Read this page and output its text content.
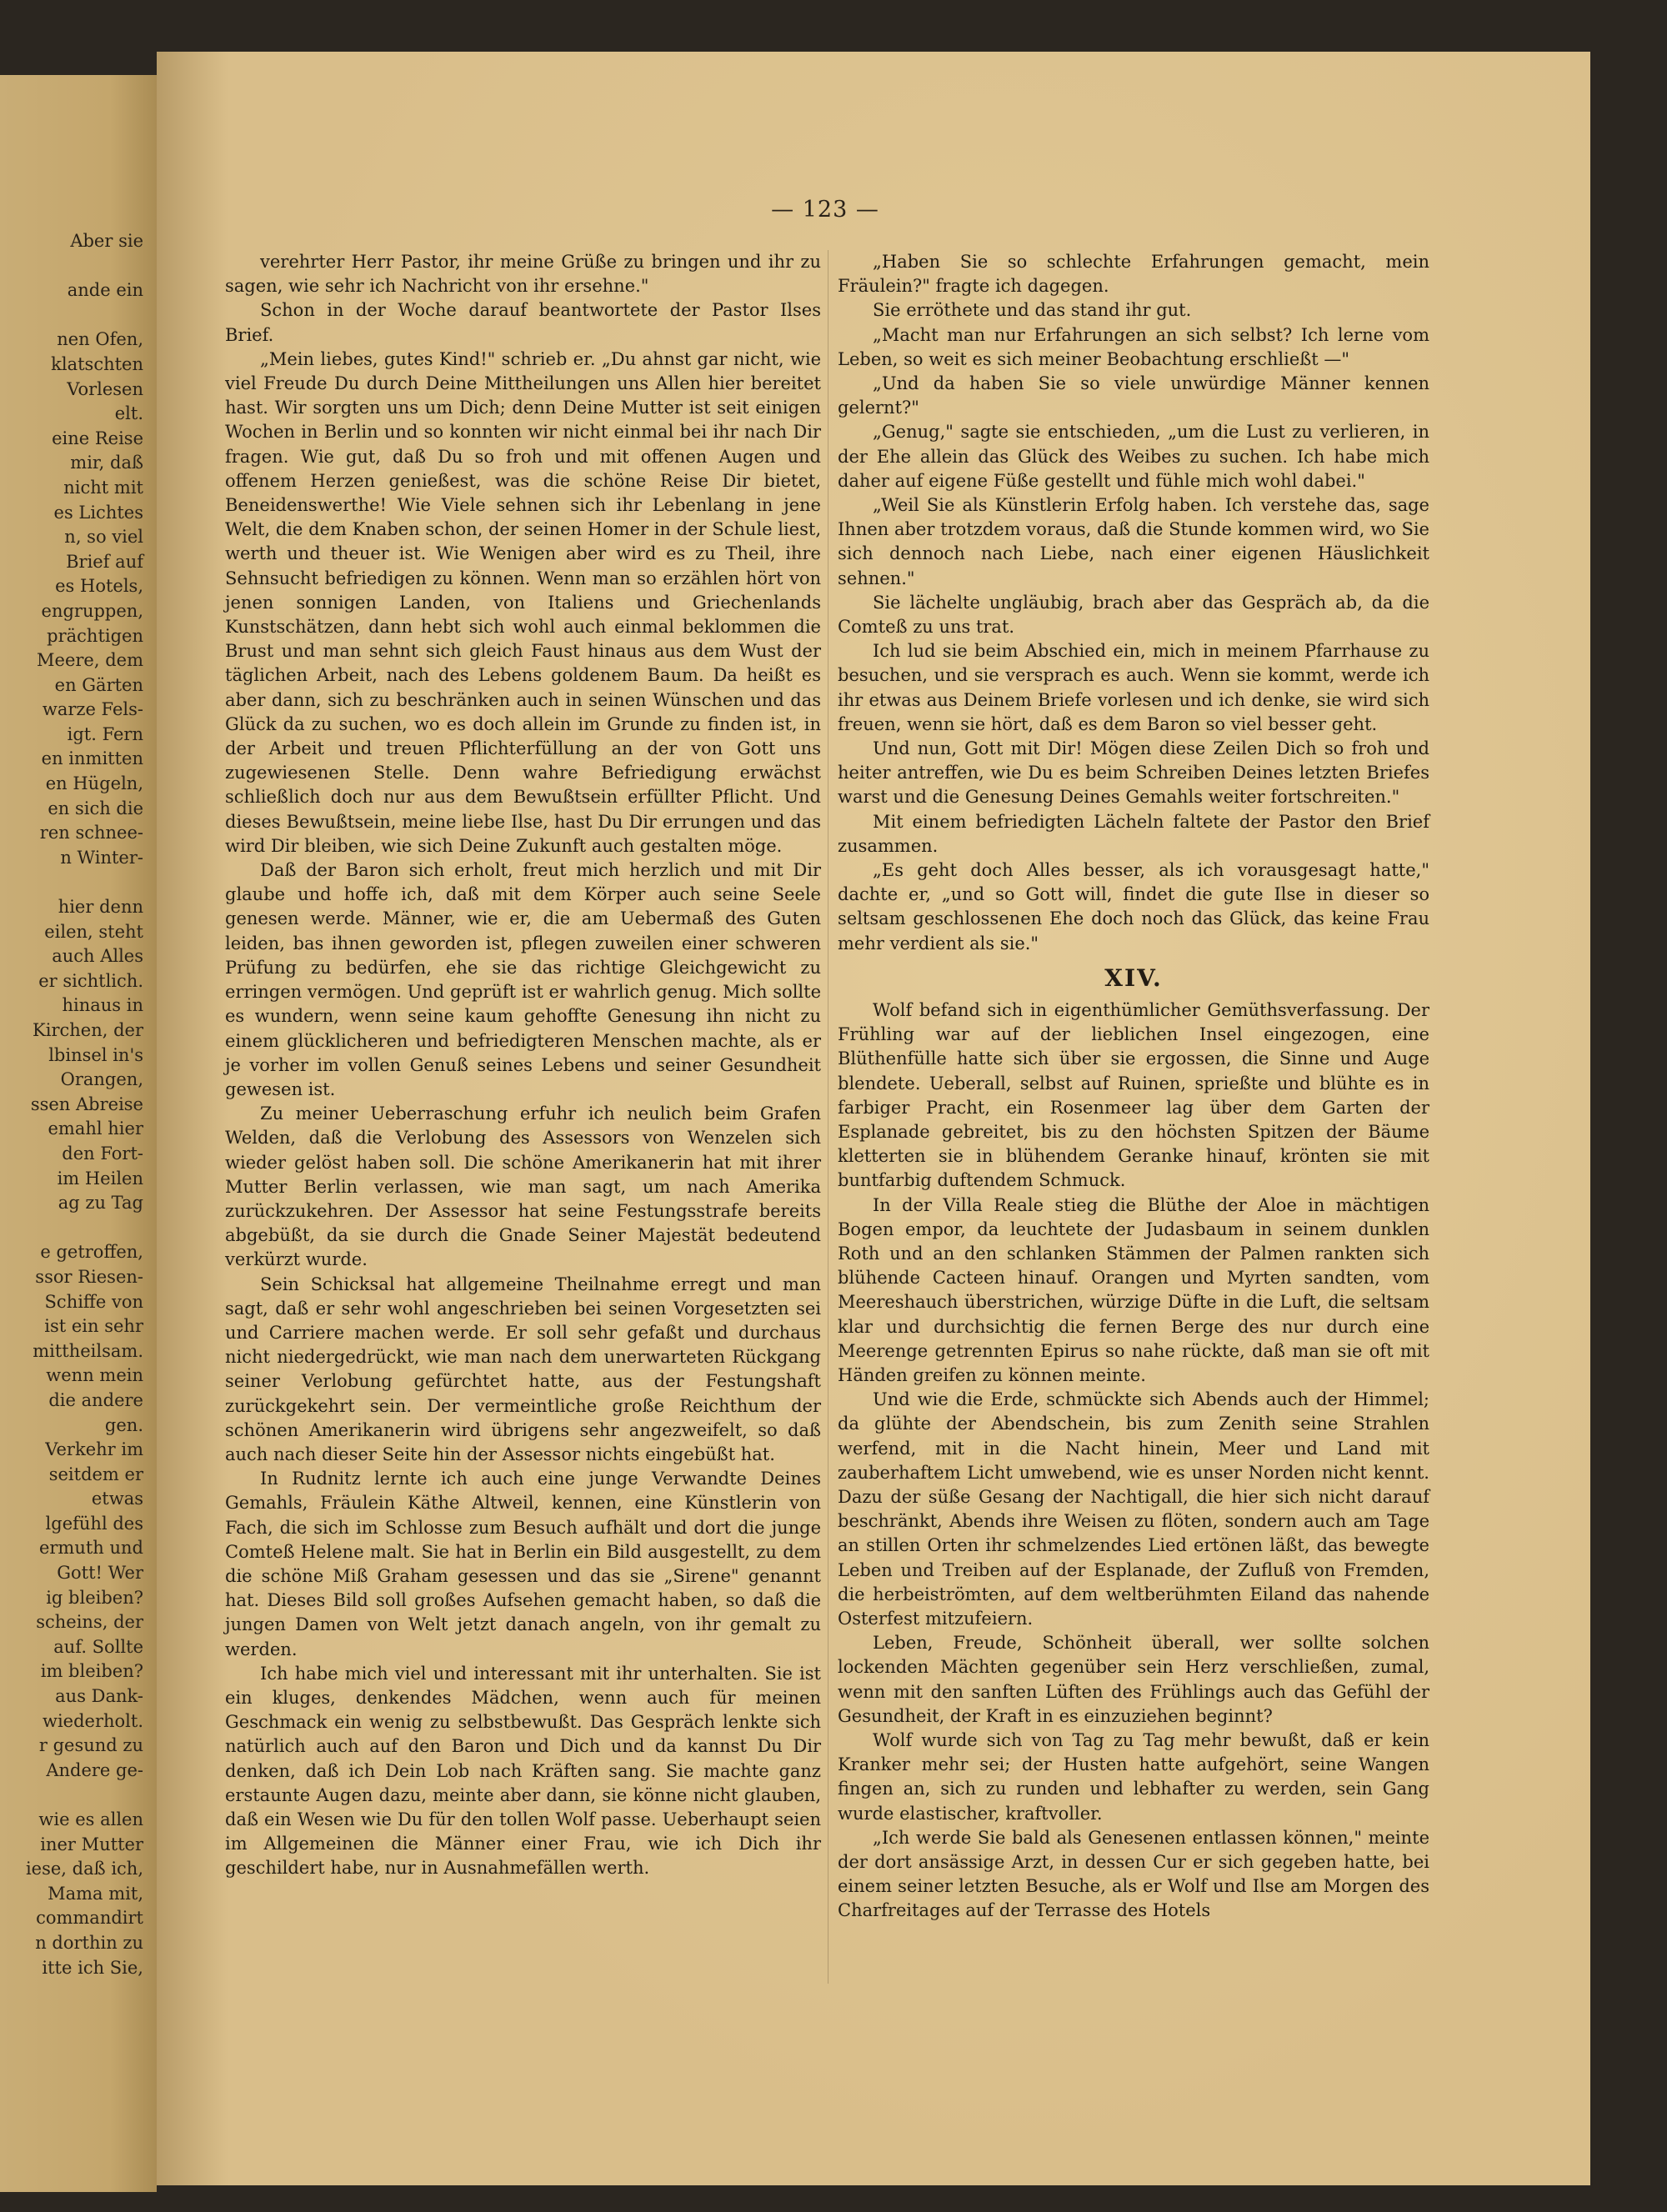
Aber sie
ande ein
nen Ofen,
klatschten
Vorlesen
elt.
eine Reise
mir, daß
nicht mit
es Lichtes
n, so viel
Brief auf
es Hotels,
engruppen,
prächtigen
Meere, dem
en Gärten
warze Fels-
igt. Fern
en inmitten
en Hügeln,
en sich die
ren schnee-
n Winter-
hier denn
eilen, steht
auch Alles
er sichtlich.
hinaus in
Kirchen, der
lbinsel in's
Orangen,
ssen Abreise
emahl hier
den Fort-
im Heilen
ag zu Tag
e getroffen,
ssor Riesen-
Schiffe von
ist ein sehr
mittheilsam.
wenn mein
die andere
gen.
Verkehr im
seitdem er
etwas
lgefühl des
ermuth und
Gott! Wer
ig bleiben?
scheins, der
auf. Sollte
im bleiben?
aus Dank-
wiederholt.
r gesund zu
Andere ge-
wie es allen
iner Mutter
iese, daß ich,
Mama mit,
commandirt
n dorthin zu
itte ich Sie,
— 123 —
verehrter Herr Pastor, ihr meine Grüße zu bringen und ihr zu sagen, wie sehr ich Nachricht von ihr ersehne."
Schon in der Woche darauf beantwortete der Pastor Ilses Brief.
„Mein liebes, gutes Kind!" schrieb er. „Du ahnst gar nicht, wie viel Freude Du durch Deine Mittheilungen uns Allen hier bereitet hast. Wir sorgten uns um Dich; denn Deine Mutter ist seit einigen Wochen in Berlin und so konnten wir nicht einmal bei ihr nach Dir fragen. Wie gut, daß Du so froh und mit offenen Augen und offenem Herzen genießest, was die schöne Reise Dir bietet, Beneidenswerthe! Wie Viele sehnen sich ihr Lebenlang in jene Welt, die dem Knaben schon, der seinen Homer in der Schule liest, werth und theuer ist. Wie Wenigen aber wird es zu Theil, ihre Sehnsucht befriedigen zu können. Wenn man so erzählen hört von jenen sonnigen Landen, von Italiens und Griechenlands Kunstschätzen, dann hebt sich wohl auch einmal beklommen die Brust und man sehnt sich gleich Faust hinaus aus dem Wust der täglichen Arbeit, nach des Lebens goldenem Baum. Da heißt es aber dann, sich zu beschränken auch in seinen Wünschen und das Glück da zu suchen, wo es doch allein im Grunde zu finden ist, in der Arbeit und treuen Pflichterfüllung an der von Gott uns zugewiesenen Stelle. Denn wahre Befriedigung erwächst schließlich doch nur aus dem Bewußtsein erfüllter Pflicht. Und dieses Bewußtsein, meine liebe Ilse, hast Du Dir errungen und das wird Dir bleiben, wie sich Deine Zukunft auch gestalten möge.
Daß der Baron sich erholt, freut mich herzlich und mit Dir glaube und hoffe ich, daß mit dem Körper auch seine Seele genesen werde. Männer, wie er, die am Uebermaß des Guten leiden, bas ihnen geworden ist, pflegen zuweilen einer schweren Prüfung zu bedürfen, ehe sie das richtige Gleichgewicht zu erringen vermögen. Und geprüft ist er wahrlich genug. Mich sollte es wundern, wenn seine kaum gehoffte Genesung ihn nicht zu einem glücklicheren und befriedigteren Menschen machte, als er je vorher im vollen Genuß seines Lebens und seiner Gesundheit gewesen ist.
Zu meiner Ueberraschung erfuhr ich neulich beim Grafen Welden, daß die Verlobung des Assessors von Wenzelen sich wieder gelöst haben soll. Die schöne Amerikanerin hat mit ihrer Mutter Berlin verlassen, wie man sagt, um nach Amerika zurückzukehren. Der Assessor hat seine Festungsstrafe bereits abgebüßt, da sie durch die Gnade Seiner Majestät bedeutend verkürzt wurde.
Sein Schicksal hat allgemeine Theilnahme erregt und man sagt, daß er sehr wohl angeschrieben bei seinen Vorgesetzten sei und Carriere machen werde. Er soll sehr gefaßt und durchaus nicht niedergedrückt, wie man nach dem unerwarteten Rückgang seiner Verlobung gefürchtet hatte, aus der Festungshaft zurückgekehrt sein. Der vermeintliche große Reichthum der schönen Amerikanerin wird übrigens sehr angezweifelt, so daß auch nach dieser Seite hin der Assessor nichts eingebüßt hat.
In Rudnitz lernte ich auch eine junge Verwandte Deines Gemahls, Fräulein Käthe Altweil, kennen, eine Künstlerin von Fach, die sich im Schlosse zum Besuch aufhält und dort die junge Comteß Helene malt. Sie hat in Berlin ein Bild ausgestellt, zu dem die schöne Miß Graham gesessen und das sie „Sirene" genannt hat. Dieses Bild soll großes Aufsehen gemacht haben, so daß die jungen Damen von Welt jetzt danach angeln, von ihr gemalt zu werden.
Ich habe mich viel und interessant mit ihr unterhalten. Sie ist ein kluges, denkendes Mädchen, wenn auch für meinen Geschmack ein wenig zu selbstbewußt. Das Gespräch lenkte sich natürlich auch auf den Baron und Dich und da kannst Du Dir denken, daß ich Dein Lob nach Kräften sang. Sie machte ganz erstaunte Augen dazu, meinte aber dann, sie könne nicht glauben, daß ein Wesen wie Du für den tollen Wolf passe. Ueberhaupt seien im Allgemeinen die Männer einer Frau, wie ich Dich ihr geschildert habe, nur in Ausnahmefällen werth.
„Haben Sie so schlechte Erfahrungen gemacht, mein Fräulein?" fragte ich dagegen.
Sie erröthete und das stand ihr gut.
„Macht man nur Erfahrungen an sich selbst? Ich lerne vom Leben, so weit es sich meiner Beobachtung erschließt —"
„Und da haben Sie so viele unwürdige Männer kennen gelernt?"
„Genug," sagte sie entschieden, „um die Lust zu verlieren, in der Ehe allein das Glück des Weibes zu suchen. Ich habe mich daher auf eigene Füße gestellt und fühle mich wohl dabei."
„Weil Sie als Künstlerin Erfolg haben. Ich verstehe das, sage Ihnen aber trotzdem voraus, daß die Stunde kommen wird, wo Sie sich dennoch nach Liebe, nach einer eigenen Häuslichkeit sehnen."
Sie lächelte ungläubig, brach aber das Gespräch ab, da die Comteß zu uns trat.
Ich lud sie beim Abschied ein, mich in meinem Pfarrhause zu besuchen, und sie versprach es auch. Wenn sie kommt, werde ich ihr etwas aus Deinem Briefe vorlesen und ich denke, sie wird sich freuen, wenn sie hört, daß es dem Baron so viel besser geht.
Und nun, Gott mit Dir! Mögen diese Zeilen Dich so froh und heiter antreffen, wie Du es beim Schreiben Deines letzten Briefes warst und die Genesung Deines Gemahls weiter fortschreiten."
Mit einem befriedigten Lächeln faltete der Pastor den Brief zusammen.
„Es geht doch Alles besser, als ich vorausgesagt hatte," dachte er, „und so Gott will, findet die gute Ilse in dieser so seltsam geschlossenen Ehe doch noch das Glück, das keine Frau mehr verdient als sie."
XIV.
Wolf befand sich in eigenthümlicher Gemüthsverfassung. Der Frühling war auf der lieblichen Insel eingezogen, eine Blüthenfülle hatte sich über sie ergossen, die Sinne und Auge blendete. Ueberall, selbst auf Ruinen, sprießte und blühte es in farbiger Pracht, ein Rosenmeer lag über dem Garten der Esplanade gebreitet, bis zu den höchsten Spitzen der Bäume kletterten sie in blühendem Geranke hinauf, krönten sie mit buntfarbig duftendem Schmuck.
In der Villa Reale stieg die Blüthe der Aloe in mächtigen Bogen empor, da leuchtete der Judasbaum in seinem dunklen Roth und an den schlanken Stämmen der Palmen rankten sich blühende Cacteen hinauf. Orangen und Myrten sandten, vom Meereshauch überstrichen, würzige Düfte in die Luft, die seltsam klar und durchsichtig die fernen Berge des nur durch eine Meerenge getrennten Epirus so nahe rückte, daß man sie oft mit Händen greifen zu können meinte.
Und wie die Erde, schmückte sich Abends auch der Himmel; da glühte der Abendschein, bis zum Zenith seine Strahlen werfend, mit in die Nacht hinein, Meer und Land mit zauberhaftem Licht umwebend, wie es unser Norden nicht kennt. Dazu der süße Gesang der Nachtigall, die hier sich nicht darauf beschränkt, Abends ihre Weisen zu flöten, sondern auch am Tage an stillen Orten ihr schmelzendes Lied ertönen läßt, das bewegte Leben und Treiben auf der Esplanade, der Zufluß von Fremden, die herbeiströmten, auf dem weltberühmten Eiland das nahende Osterfest mitzufeiern.
Leben, Freude, Schönheit überall, wer sollte solchen lockenden Mächten gegenüber sein Herz verschließen, zumal, wenn mit den sanften Lüften des Frühlings auch das Gefühl der Gesundheit, der Kraft in es einzuziehen beginnt?
Wolf wurde sich von Tag zu Tag mehr bewußt, daß er kein Kranker mehr sei; der Husten hatte aufgehört, seine Wangen fingen an, sich zu runden und lebhafter zu werden, sein Gang wurde elastischer, kraftvoller.
„Ich werde Sie bald als Genesenen entlassen können," meinte der dort ansässige Arzt, in dessen Cur er sich gegeben hatte, bei einem seiner letzten Besuche, als er Wolf und Ilse am Morgen des Charfreitages auf der Terrasse des Hotels
